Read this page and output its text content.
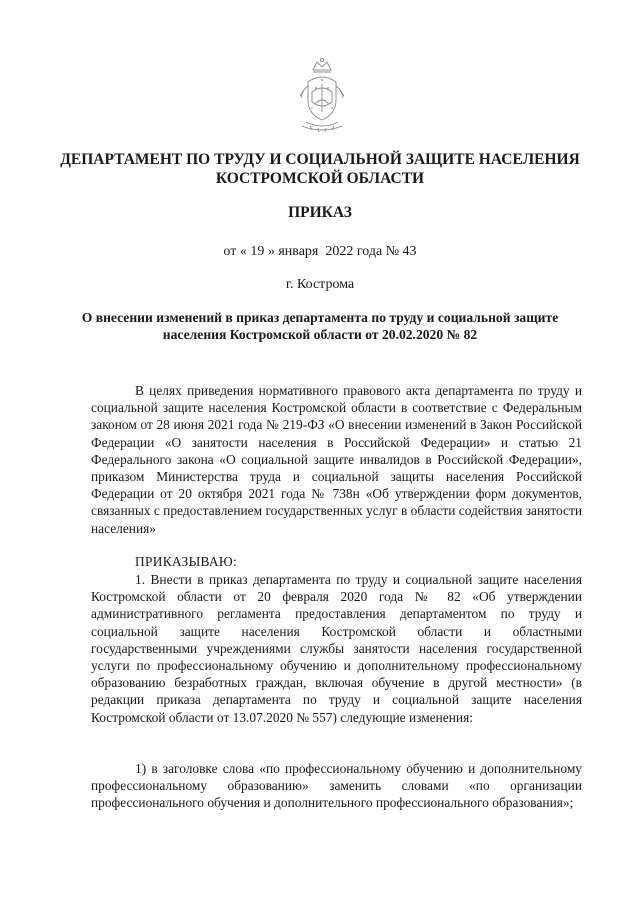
ДЕПАРТАМЕНТ ПО ТРУДУ И СОЦИАЛЬНОЙ ЗАЩИТЕ НАСЕЛЕНИЯ КОСТРОМСКОЙ ОБЛАСТИ
ПРИКАЗ
от « 19 » января  2022 года № 43
г. Кострома
О внесении изменений в приказ департамента по труду и социальной защите населения Костромской области от 20.02.2020 № 82

В целях приведения нормативного правового акта департамента по труду и социальной защите населения Костромской области в соответствие с Федеральным законом от 28 июня 2021 года № 219-ФЗ «О внесении изменений в Закон Российской Федерации «О занятости населения в Российской Федерации» и статью 21 Федерального закона «О социальной защите инвалидов в Российской Федерации», приказом Министерства труда и социальной защиты населения Российской Федерации от 20 октября 2021 года № 738н «Об утверждении форм документов, связанных с предоставлением государственных услуг в области содействия занятости населения»

ПРИКАЗЫВАЮ:

1. Внести в приказ департамента по труду и социальной защите населения Костромской области от 20 февраля 2020 года № 82 «Об утверждении административного регламента предоставления департаментом по труду и социальной защите населения Костромской области и областными государственными учреждениями службы занятости населения государственной услуги по профессиональному обучению и дополнительному профессиональному образованию безработных граждан, включая обучение в другой местности» (в редакции приказа департамента по труду и социальной защите населения Костромской области от 13.07.2020 № 557) следующие изменения:

1) в заголовке слова «по профессиональному обучению и дополнительному профессиональному образованию» заменить словами «по организации профессионального обучения и дополнительного профессионального образования»;
